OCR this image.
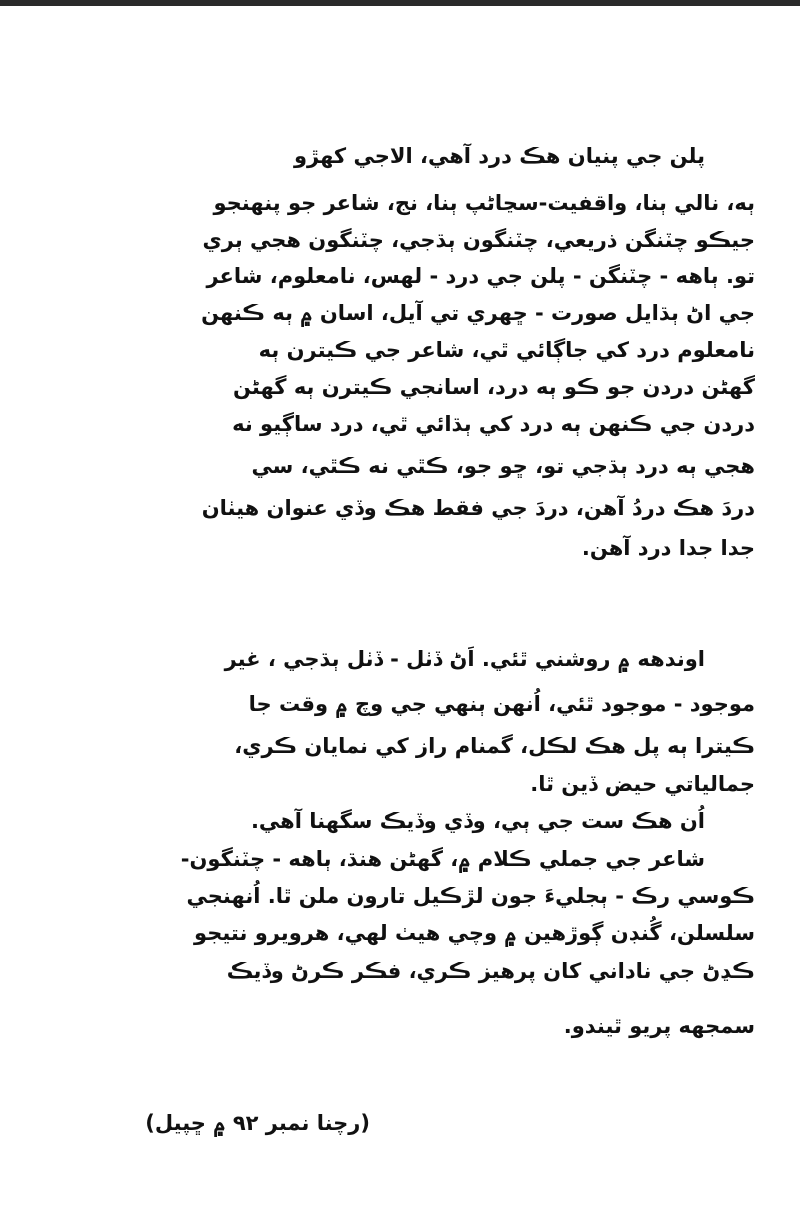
پلن جي پنيان هڪ درد آهي، الاجي کهڙو

ٻه، نالي ٻنا، واقفيت-سڃاڻپ ٻنا، نج، شاعر جو پنهنجو

جيڪو چٽنگن ذريعي، چٽنگون ٻڌجي، چٽنگون هجي ٻري

تو. ٻاهه - چٽنگن - پلن جي درد - لهس، نامعلوم، شاعر

جي اڻ ٻڌايل صورت - ڇهري تي آيل، اسان ۾ ٻه ڪنهن

نامعلوم درد کي جاڳائي ٿي، شاعر جي ڪيترن ٻه

گهڻن دردن جو ڪو ٻه درد، اسانجي ڪيترن ٻه گهڻن

دردن جي ڪنهن ٻه درد کي ٻڌائي ٿي، درد ساڳيو نه

هجي ٻه درد ٻڌجي تو، ڇو جو، ڪٿي نه ڪٿي، سي

دردَ هڪ دردُ آهن، دردَ جي فقط هڪ وڏي عنوان هيٺان

جدا جدا درد آهن.

اوندهه ۾ روشني ٿئي. اَڻ ڏٺل - ڏٺل ٻڌجي ، غير

موجود - موجود ٿئي، اُنهن ٻنهي جي وچ ۾ وقت جا

ڪيترا ٻه پل هڪ لڪل، گمنام راز کي نمايان ڪري،

جمالياتي حيض ڏين ٿا.

اُن هڪ ست جي ٻي، وڏي وڏيڪ سگهنا آهي.

شاعر جي جملي ڪلام ۾، گهڻن هنڌ، ٻاهه - چٽنگون-

ڪوسي رڪ - ٻجليءَ جون لڙڪيل تارون ملن ٿا. اُنهنجي

سلسلن، گُنڊن ڳوڙهين ۾ وچي هيٺ لهي، هرويرو نتيجو

ڪڍڻ جي ناداني کان پرهيز ڪري، فڪر ڪرڻ وڏيڪ

سمجهه پريو ٿيندو.

(رچنا نمبر ٩٢ ۾ ڇپيل)
